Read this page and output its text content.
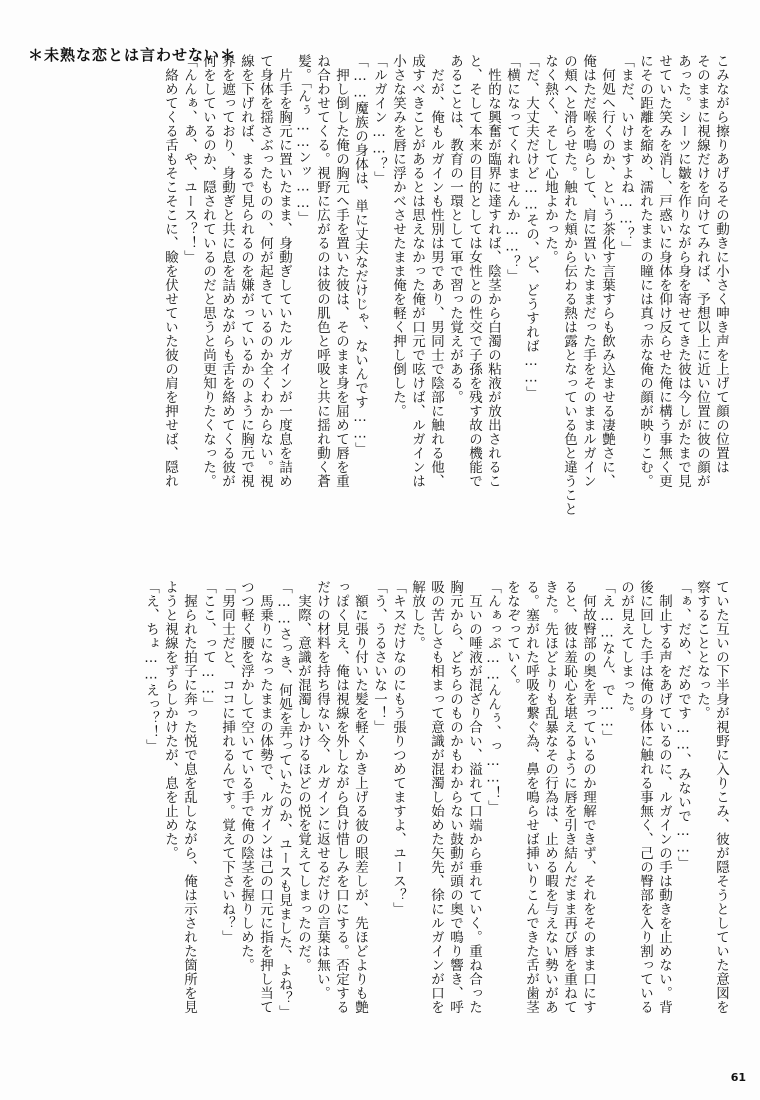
＊未熟な恋とは言わせない＊	こみながら擦りあげるその動きに小さく呻き声を上げて顔の位置は

そのままに視線だけを向けてみれば、予想以上に近い位置に彼の顔が

あった。シーツに皺を作りながら身を寄せてきた彼は今しがたまで見

せていた笑みを消し、戸惑いに身体を仰け反らせた俺に構う事無く更

にその距離を縮め、濡れたままの瞳には真っ赤な俺の顔が映りこむ。

「まだ、いけますよね……？」

　何処へ行くのか、という茶化す言葉すらも飲み込ませる凄艶さに、

俺はただ喉を鳴らして、肩に置いたままだった手をそのままルガイン

の頬へと滑らせた。触れた頬から伝わる熱は露となっている色と違うこと

なく熱く、そして心地よかった。

「だ、大丈夫だけど……その、ど、どうすれば……」

「横になってくれませんか……？」

　性的な興奮が臨界に達すれば、陰茎から白濁の粘液が放出されるこ

と、そして本来の目的としては女性との性交で子孫を残す故の機能で

あることは、教育の一環として軍で習った覚えがある。

　だが、俺もルガインも性別は男であり、男同士で陰部に触れる他、

成すべきことがあるとは思えなかった俺が口元で呟けば、ルガインは

小さな笑みを唇に浮かべさせたまま俺を軽く押し倒した。

「ルガイン……？」

「……魔族の身体は、単に丈夫なだけじゃ、ないんです……」

　押し倒した俺の胸元へ手を置いた彼は、そのまま身を屈めて唇を重

ね合わせてくる。視野に広がるのは彼の肌色と呼吸と共に揺れ動く蒼

髪。「んぅ……ンッ……」

　片手を胸元に置いたまま、身動ぎしていたルガインが一度息を詰め

て身体を揺さぶったものの、何が起きているのか全くわからない。視

線を下げれば、まるで見られるのを嫌がっているかのように胸元で視

界を遮っており、身動ぎと共に息を詰めながらも舌を絡めてくる彼が

何をしているのか、隠されているのだと思うと尚更知りたくなった。

「んんぁ、あ、や、ユース？！」

　絡めてくる舌もそこそこに、瞼を伏せていた彼の肩を押せば、隠れ

ていた互いの下半身が視野に入りこみ、彼が隠そうとしていた意図を

察することとなった。

「ぁ、だめ、だめです……、みないで……」

　制止する声をあげているのに、ルガインの手は動きを止めない。背

後に回した手は俺の身体に触れる事無く、己の臀部を入り割っている

のが見えてしまった。

「え……なん、で……」

　何故臀部の奥を弄っているのか理解できず、それをそのまま口にす

ると、彼は羞恥心を堪えるように唇を引き結んだまま再び唇を重ねて

きた。先ほどよりも乱暴なその行為は、止める暇を与えない勢いがあ

る。塞がれた呼吸を繋ぐ為、鼻を鳴らせば挿いりこんできた舌が歯茎

をなぞっていく。

「んぁっぷ……んんぅ、っ……！」

　互いの唾液が混ざり合い、溢れて口端から垂れていく。重ね合った

胸元から、どちらのものかもわからない鼓動が頭の奥で鳴り響き、呼

吸の苦しさも相まって意識が混濁し始めた矢先、徐にルガインが口を

解放した。

「キスだけなのにもう張りつめてますよ、ユース？」

「う、うるさいな一！」

　額に張り付いた髪を軽くかき上げる彼の眼差しが、先ほどよりも艶

っぽく見え、俺は視線を外しながら負け惜しみを口にする。否定する

だけの材料を持ち得ない今、ルガインに返せるだけの言葉は無い。

　実際、意識が混濁しかけるほどの悦を覚えてしまったのだ。

「……さっき、何処を弄っていたのか、ユースも見ました、よね？」

　馬乗りになったままの体勢で、ルガインは己の口元に指を押し当て

つつ軽く腰を浮かして空いている手で俺の陰茎を握りしめた。

「男同士だと、ココに挿れるんです。覚えて下さいね？」

「ここ、って……」

　握られた拍子に奔った悦で息を乱しながら、俺は示された箇所を見

ようと視線をずらしかけたが、息を止めた。

「え、ちょ……えっ？！」

61
